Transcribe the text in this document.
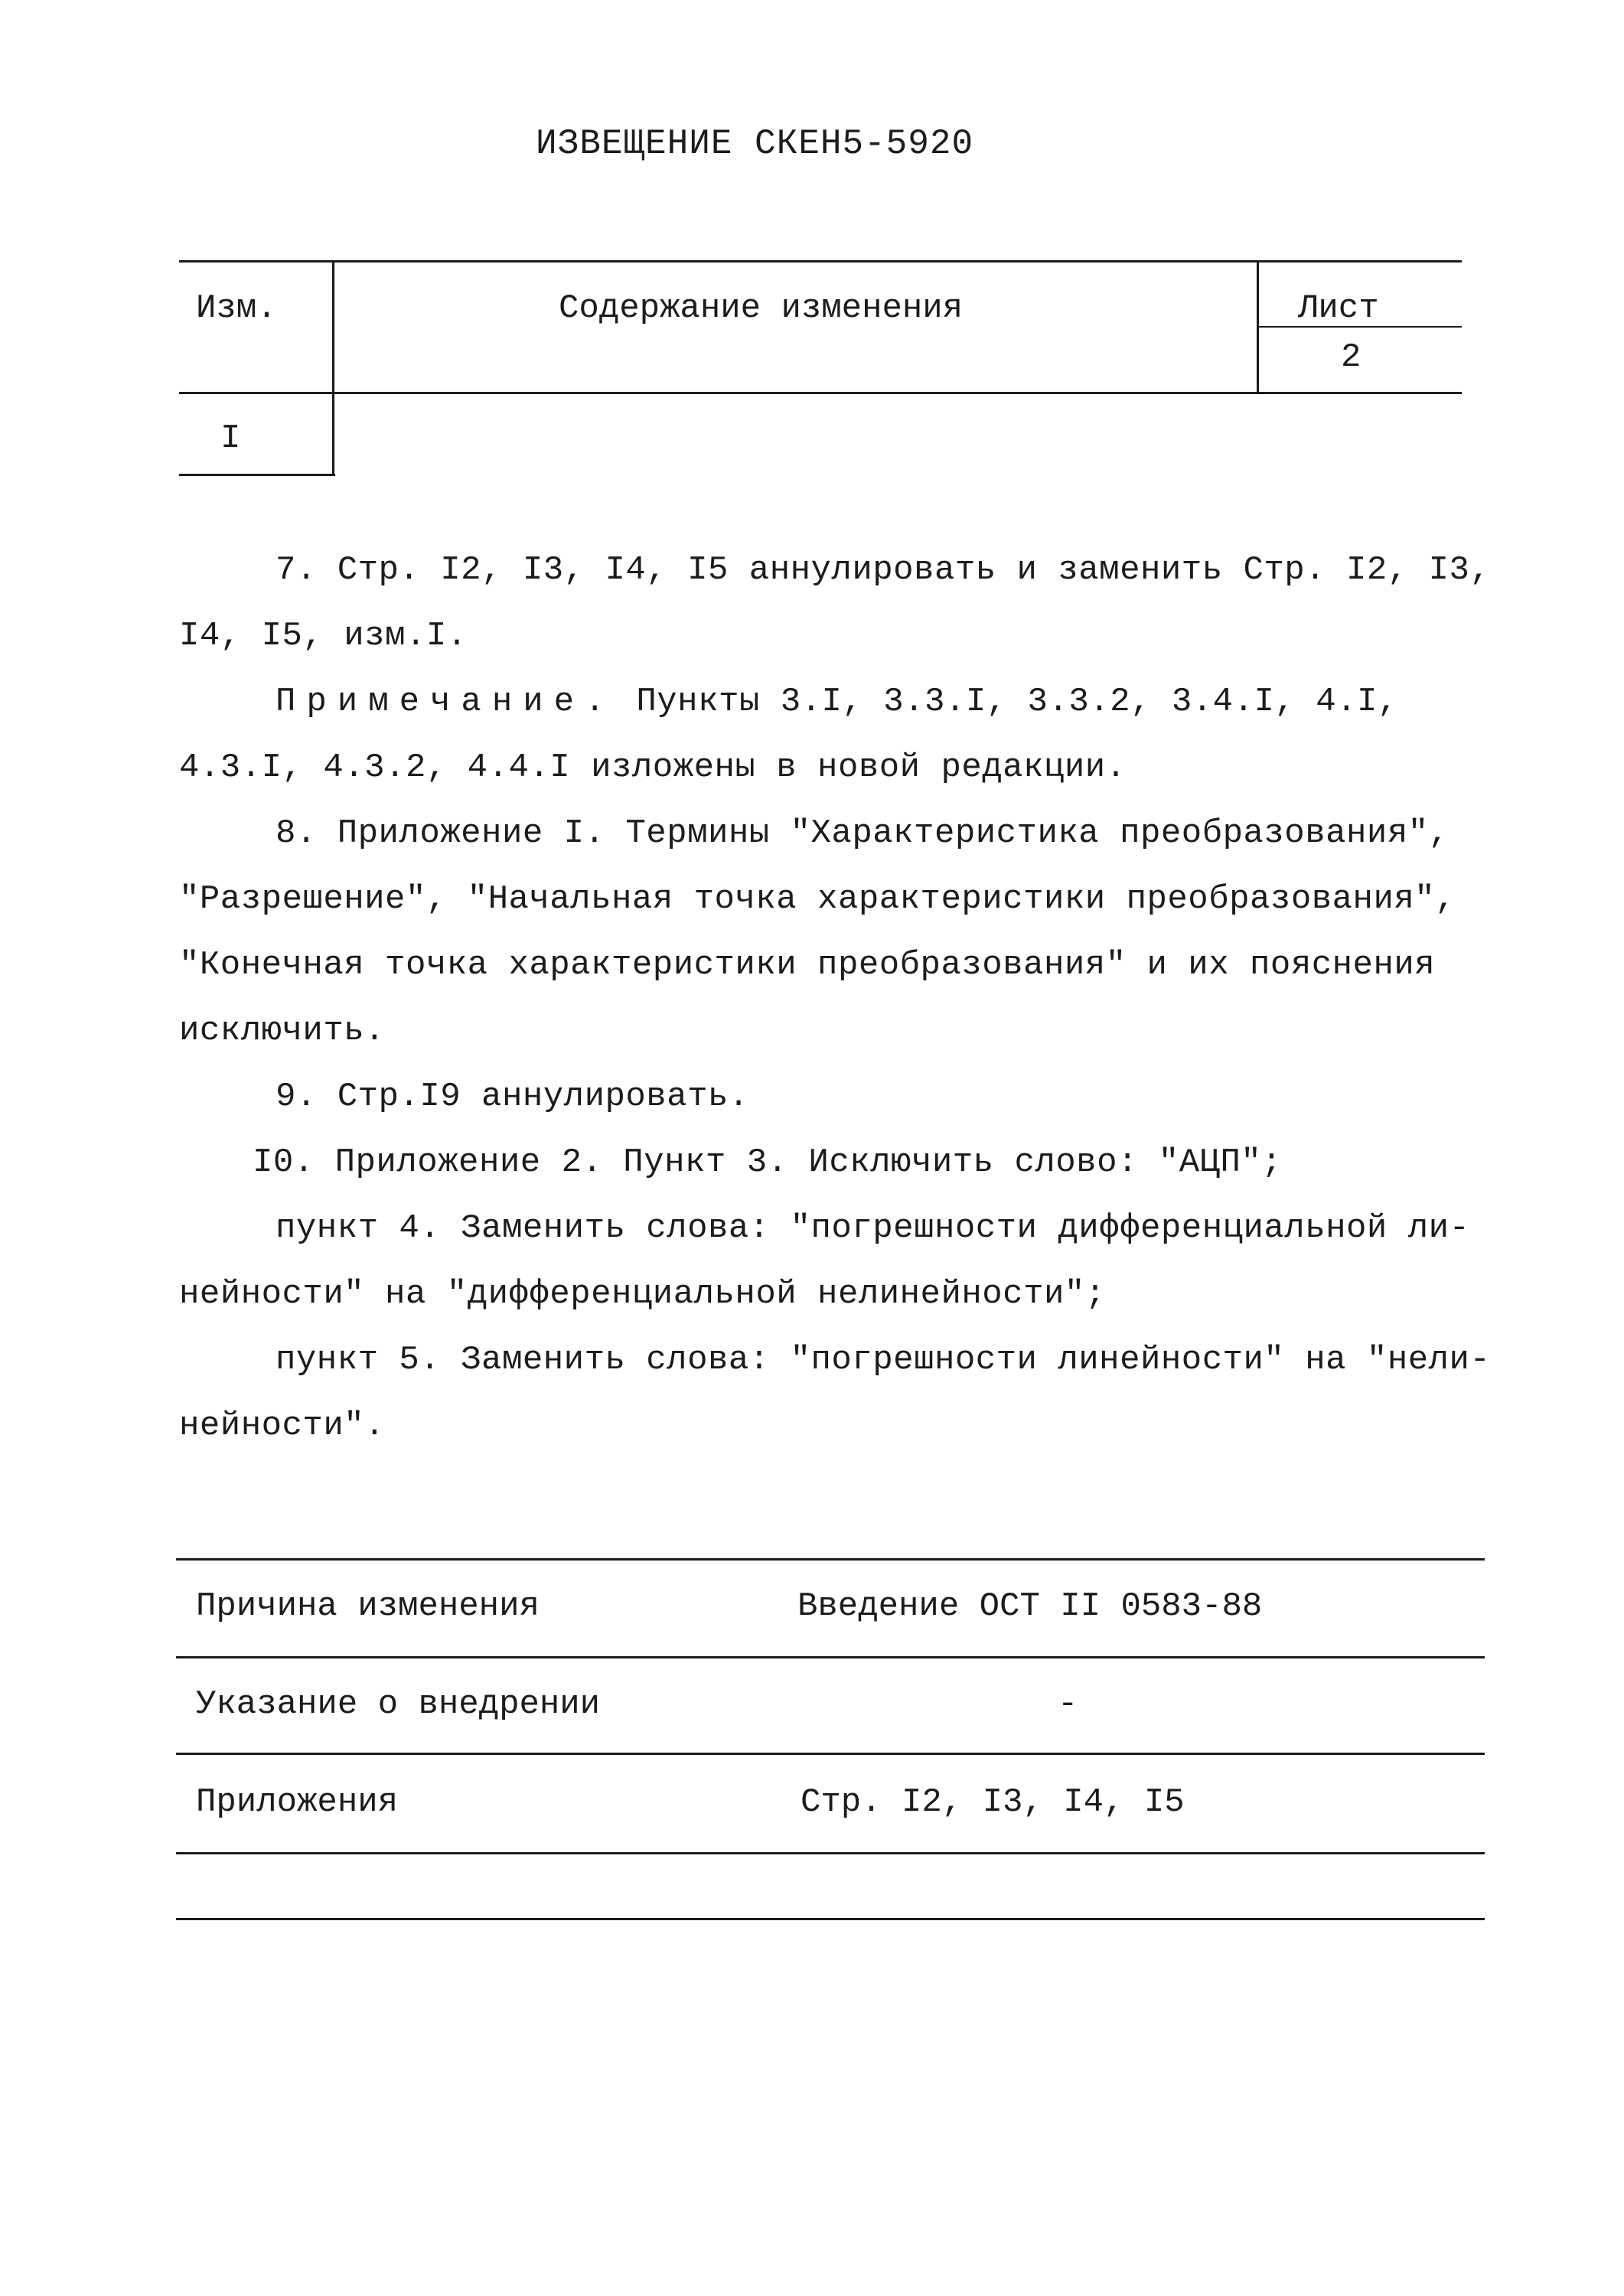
ИЗВЕЩЕНИЕ СКЕН5-5920
Изм.	Содержание изменения	Лист
2
I
7. Стр. I2, I3, I4, I5 аннулировать и заменить Стр. I2, I3,
I4, I5, изм.I.
Примечание. Пункты 3.I, 3.3.I, 3.3.2, 3.4.I, 4.I,
4.3.I, 4.3.2, 4.4.I изложены в новой редакции.
8. Приложение I. Термины "Характеристика преобразования",
"Разрешение", "Начальная точка характеристики преобразования",
"Конечная точка характеристики преобразования" и их пояснения
исключить.
9. Стр.I9 аннулировать.
I0. Приложение 2. Пункт 3. Исключить слово: "АЦП";
пункт 4. Заменить слова: "погрешности дифференциальной ли-
нейности" на "дифференциальной нелинейности";
пункт 5. Заменить слова: "погрешности линейности" на "нели-
нейности".
Причина изменения	Введение ОСТ II 0583-88
Указание о внедрении	-
Приложения	Стр. I2, I3, I4, I5
